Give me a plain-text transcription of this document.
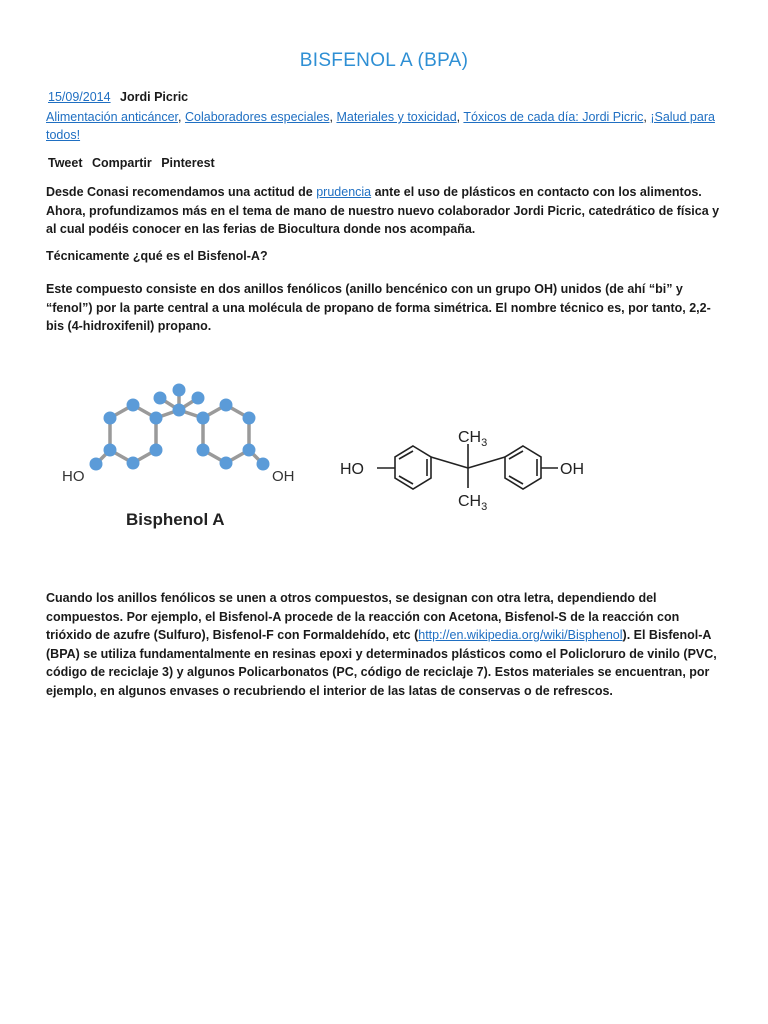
BISFENOL A (BPA)
15/09/2014 Jordi Picric
Alimentación anticáncer, Colaboradores especiales, Materiales y toxicidad, Tóxicos de cada día: Jordi Picric, ¡Salud para todos!
Tweet Compartir Pinterest

Desde Conasi recomendamos una actitud de prudencia ante el uso de plásticos en contacto con los alimentos. Ahora, profundizamos más en el tema de mano de nuestro nuevo colaborador Jordi Picric, catedrático de física y al cual podéis conocer en las ferias de Biocultura donde nos acompaña.

Técnicamente ¿qué es el Bisfenol-A?

Este compuesto consiste en dos anillos fenólicos (anillo bencénico con un grupo OH) unidos (de ahí “bi” y “fenol”) por la parte central a una molécula de propano de forma simétrica. El nombre técnico es, por tanto, 2,2-bis (4-hidroxifenil) propano.

HO	OH
Bisphenol A
HO	OH
$CH_3$
$CH_3$

Cuando los anillos fenólicos se unen a otros compuestos, se designan con otra letra, dependiendo del compuestos. Por ejemplo, el Bisfenol-A procede de la reacción con Acetona, Bisfenol-S de la reacción con trióxido de azufre (Sulfuro), Bisfenol-F con Formaldehído, etc (http://en.wikipedia.org/wiki/Bisphenol). El Bisfenol-A (BPA) se utiliza fundamentalmente en resinas epoxi y determinados plásticos como el Policloruro de vinilo (PVC, código de reciclaje 3) y algunos Policarbonatos (PC, código de reciclaje 7). Estos materiales se encuentran, por ejemplo, en algunos envases o recubriendo el interior de las latas de conservas o de refrescos.
